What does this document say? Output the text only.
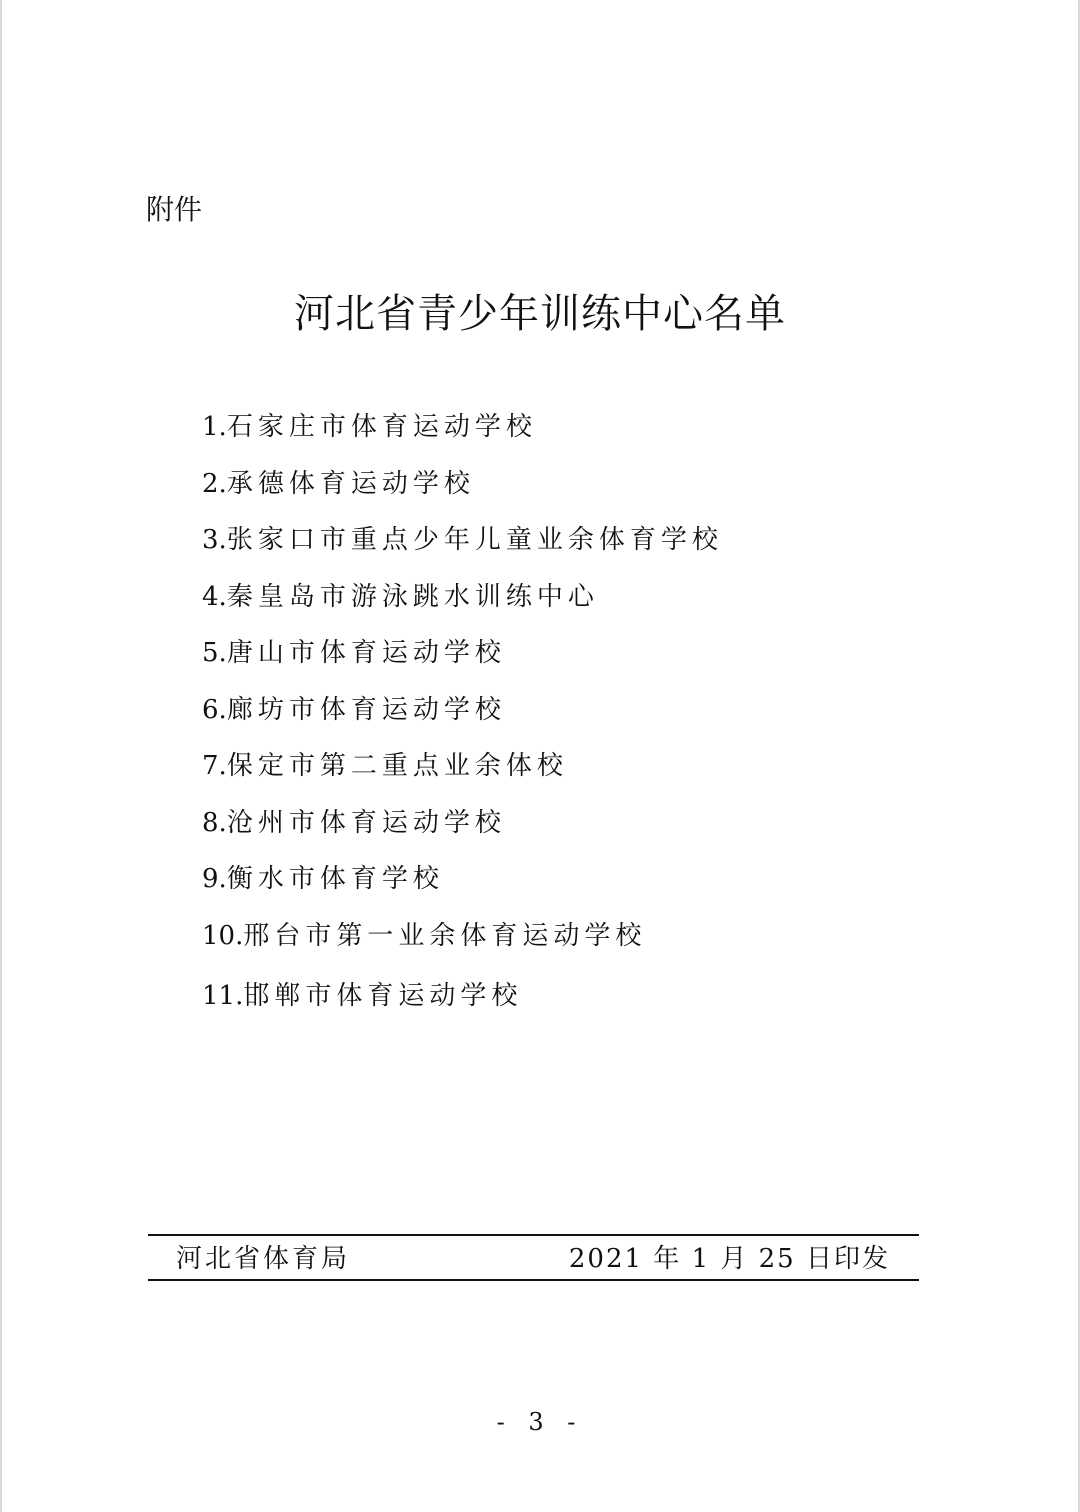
附件
河北省青少年训练中心名单
1.石家庄市体育运动学校
2.承德体育运动学校
3.张家口市重点少年儿童业余体育学校
4.秦皇岛市游泳跳水训练中心
5.唐山市体育运动学校
6.廊坊市体育运动学校
7.保定市第二重点业余体校
8.沧州市体育运动学校
9.衡水市体育学校
10.邢台市第一业余体育运动学校
11.邯郸市体育运动学校
河北省体育局	2021 年 1 月 25 日印发
- 3 -
